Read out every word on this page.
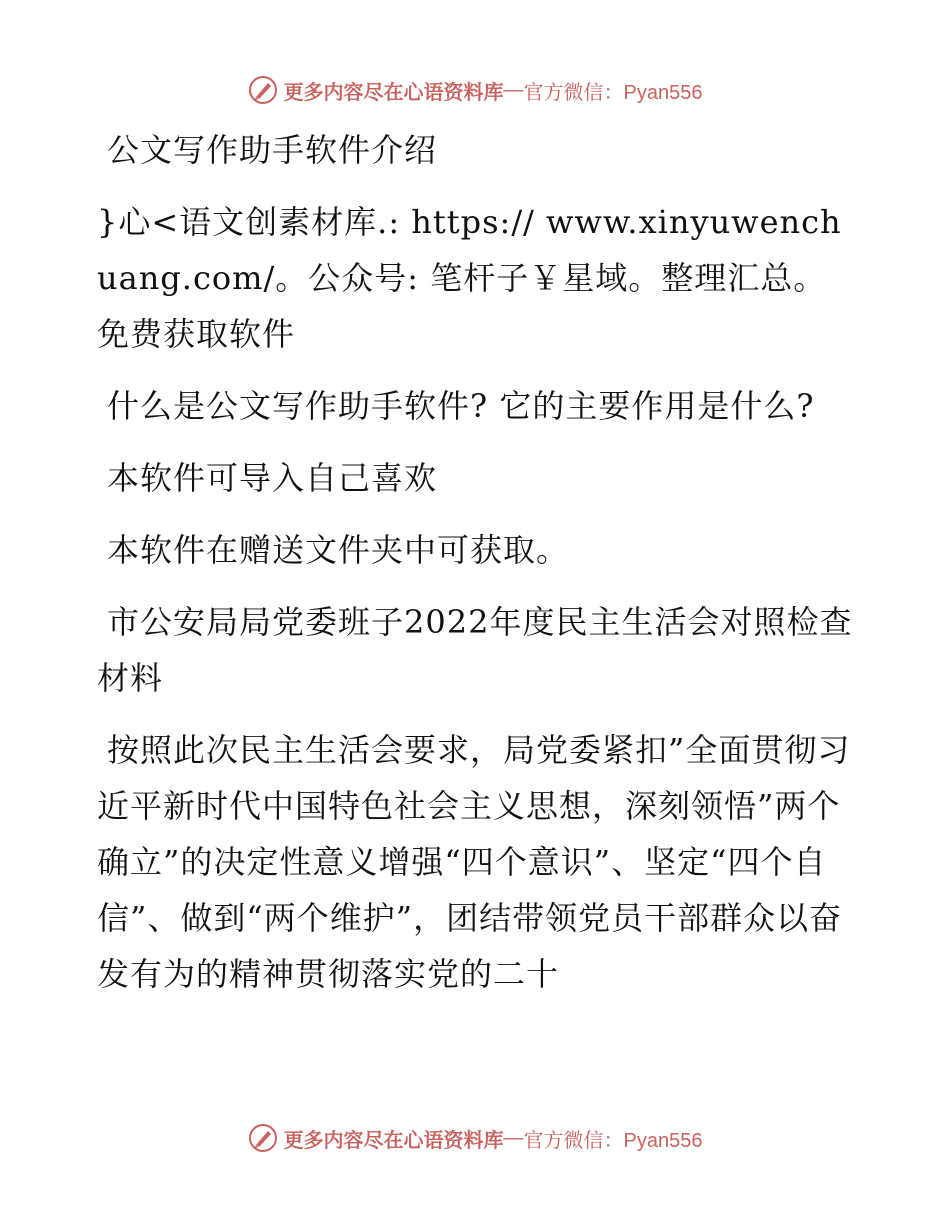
更多内容尽在心语资料库 — 官方微信：Pyan556

公文写作助手软件介绍

}心<语文创素材库.: https:// www.xinyuwenchuang.com/。公众号: 笔杆子￥星域。整理汇总。免费获取软件

什么是公文写作助手软件? 它的主要作用是什么?

本软件可导入自己喜欢

本软件在赠送文件夹中可获取。

市公安局局党委班子2022年度民主生活会对照检查材料

按照此次民主生活会要求，局党委紧扣”全面贯彻习近平新时代中国特色社会主义思想，深刻领悟”两个确立”的决定性意义增强“四个意识”、坚定“四个自信”、做到“两个维护”，团结带领党员干部群众以奋发有为的精神贯彻落实党的二十

更多内容尽在心语资料库 — 官方微信：Pyan556
